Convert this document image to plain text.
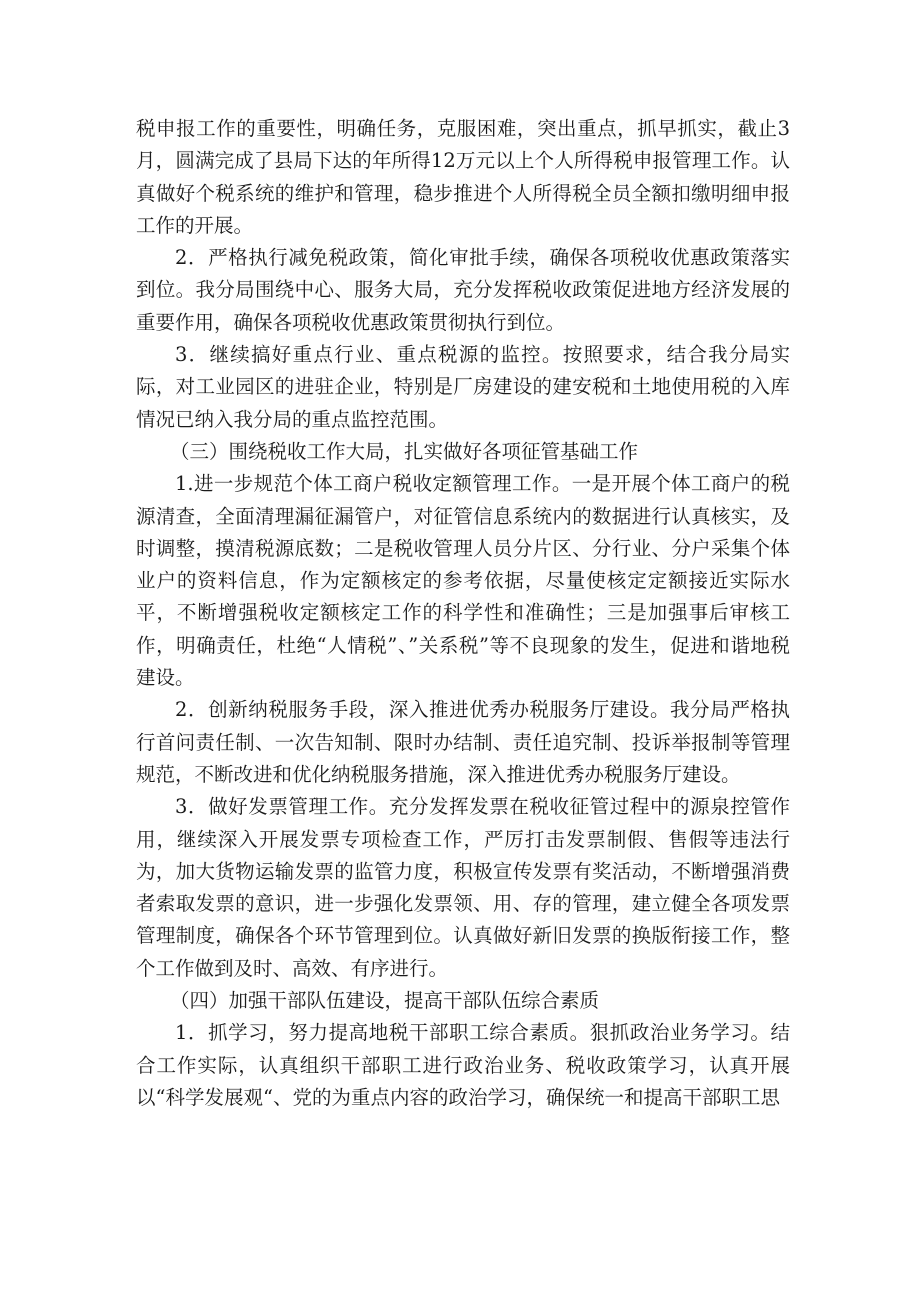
税申报工作的重要性，明确任务，克服困难，突出重点，抓早抓实，截止3月，圆满完成了县局下达的年所得12万元以上个人所得税申报管理工作。认真做好个税系统的维护和管理，稳步推进个人所得税全员全额扣缴明细申报工作的开展。

2．严格执行减免税政策，简化审批手续，确保各项税收优惠政策落实到位。我分局围绕中心、服务大局，充分发挥税收政策促进地方经济发展的重要作用，确保各项税收优惠政策贯彻执行到位。

3．继续搞好重点行业、重点税源的监控。按照要求，结合我分局实际，对工业园区的进驻企业，特别是厂房建设的建安税和土地使用税的入库情况已纳入我分局的重点监控范围。

（三）围绕税收工作大局，扎实做好各项征管基础工作

1.进一步规范个体工商户税收定额管理工作。一是开展个体工商户的税源清查，全面清理漏征漏管户，对征管信息系统内的数据进行认真核实，及时调整，摸清税源底数；二是税收管理人员分片区、分行业、分户采集个体业户的资料信息，作为定额核定的参考依据，尽量使核定定额接近实际水平，不断增强税收定额核定工作的科学性和准确性；三是加强事后审核工作，明确责任，杜绝“人情税”、”关系税”等不良现象的发生，促进和谐地税建设。

2．创新纳税服务手段，深入推进优秀办税服务厅建设。我分局严格执行首问责任制、一次告知制、限时办结制、责任追究制、投诉举报制等管理规范，不断改进和优化纳税服务措施，深入推进优秀办税服务厅建设。

3．做好发票管理工作。充分发挥发票在税收征管过程中的源泉控管作用，继续深入开展发票专项检查工作，严厉打击发票制假、售假等违法行为，加大货物运输发票的监管力度，积极宣传发票有奖活动，不断增强消费者索取发票的意识，进一步强化发票领、用、存的管理，建立健全各项发票管理制度，确保各个环节管理到位。认真做好新旧发票的换版衔接工作，整个工作做到及时、高效、有序进行。

（四）加强干部队伍建设，提高干部队伍综合素质

1．抓学习，努力提高地税干部职工综合素质。狠抓政治业务学习。结合工作实际，认真组织干部职工进行政治业务、税收政策学习，认真开展以“科学发展观“、党的为重点内容的政治学习，确保统一和提高干部职工思
